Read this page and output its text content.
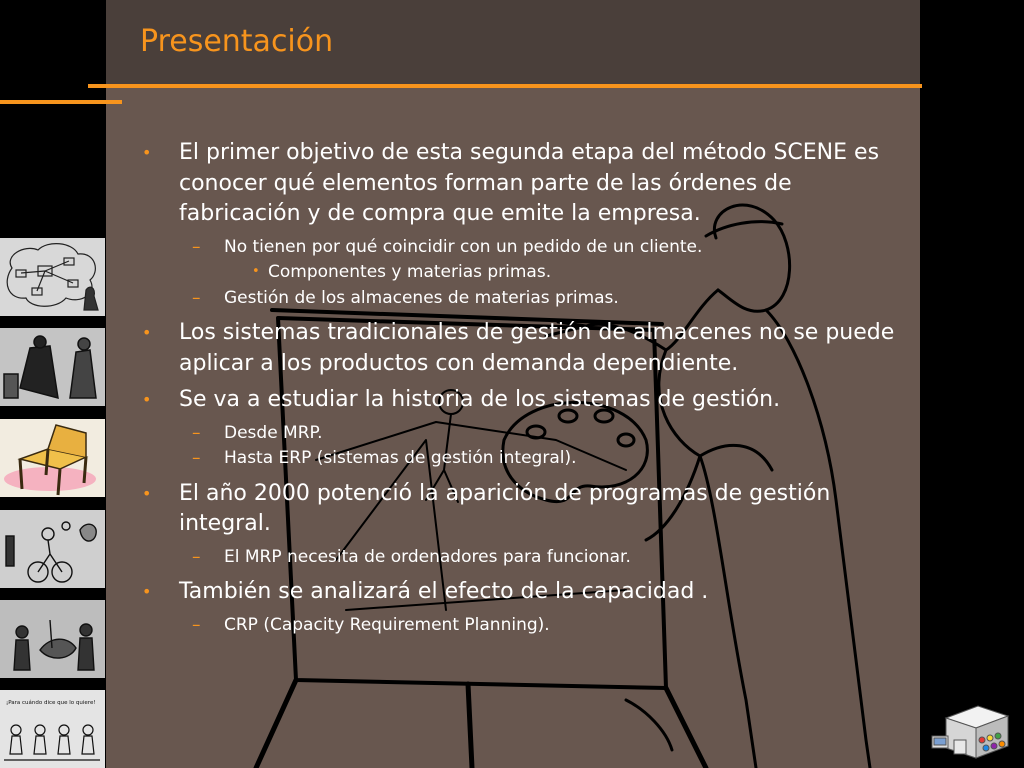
Presentación
¡Para cuándo dice que lo quiere!
• El primer objetivo de esta segunda etapa del método SCENE es conocer qué elementos forman parte de las órdenes de fabricación y de compra que emite la empresa.
– No tienen por qué coincidir con un pedido de un cliente.
• Componentes y materias primas.
– Gestión de los almacenes de materias primas.
• Los sistemas tradicionales de gestión de almacenes no se puede aplicar a los productos con demanda dependiente.
• Se va a estudiar la historia de los sistemas de gestión.
– Desde MRP.
– Hasta ERP (sistemas de gestión integral).
• El año 2000 potenció la aparición de programas de gestión integral.
– El MRP necesita de ordenadores para funcionar.
• También se analizará el efecto de la capacidad .
– CRP (Capacity Requirement Planning).
